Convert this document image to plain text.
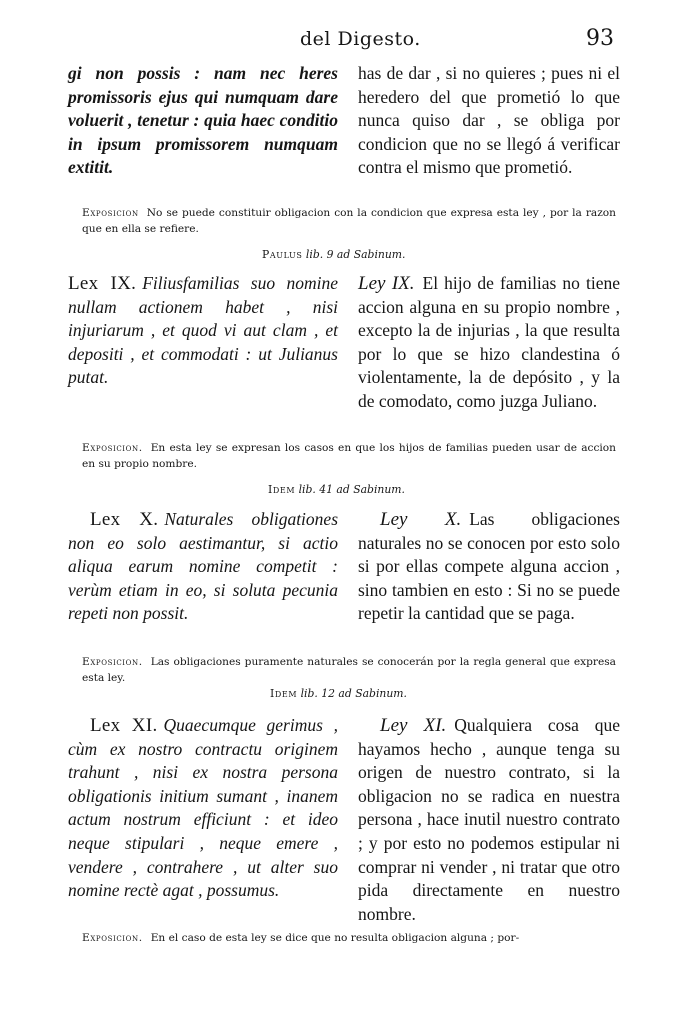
del Digesto.	93
gi non possis : nam nec heres promissoris ejus qui numquam dare voluerit , tenetur : quia haec conditio in ipsum promissorem numquam extitit.
has de dar , si no quieres ; pues ni el heredero del que prometió lo que nunca quiso dar , se obliga por condicion que no se llegó á verificar contra el mismo que prometió.
Exposicion No se puede constituir obligacion con la condicion que expresa esta ley , por la razon que en ella se refiere.
Paulus lib. 9 ad Sabinum.
Lex IX. Filiusfamilias suo nomine nullam actionem habet , nisi injuriarum , et quod vi aut clam , et depositi , et commodati : ut Julianus putat.
Ley IX. El hijo de familias no tiene accion alguna en su propio nombre , excepto la de injurias , la que resulta por lo que se hizo clandestina ó violentamente, la de depósito , y la de comodato, como juzga Juliano.
Exposicion. En esta ley se expresan los casos en que los hijos de familias pueden usar de accion en su propio nombre.
Idem lib. 41 ad Sabinum.
Lex X. Naturales obligationes non eo solo aestimantur, si actio aliqua earum nomine competit : verùm etiam in eo, si soluta pecunia repeti non possit.
Ley X. Las obligaciones naturales no se conocen por esto solo si por ellas compete alguna accion , sino tambien en esto : Si no se puede repetir la cantidad que se paga.
Exposicion. Las obligaciones puramente naturales se conocerán por la regla general que expresa esta ley.
Idem lib. 12 ad Sabinum.
Lex XI. Quaecumque gerimus , cùm ex nostro contractu originem trahunt , nisi ex nostra persona obligationis initium sumant , inanem actum nostrum efficiunt : et ideo neque stipulari , neque emere , vendere , contrahere , ut alter suo nomine rectè agat , possumus.
Ley XI. Qualquiera cosa que hayamos hecho , aunque tenga su origen de nuestro contrato, si la obligacion no se radica en nuestra persona , hace inutil nuestro contrato ; y por esto no podemos estipular ni comprar ni vender , ni tratar que otro pida directamente en nuestro nombre.
Exposicion. En el caso de esta ley se dice que no resulta obligacion alguna ; por-
